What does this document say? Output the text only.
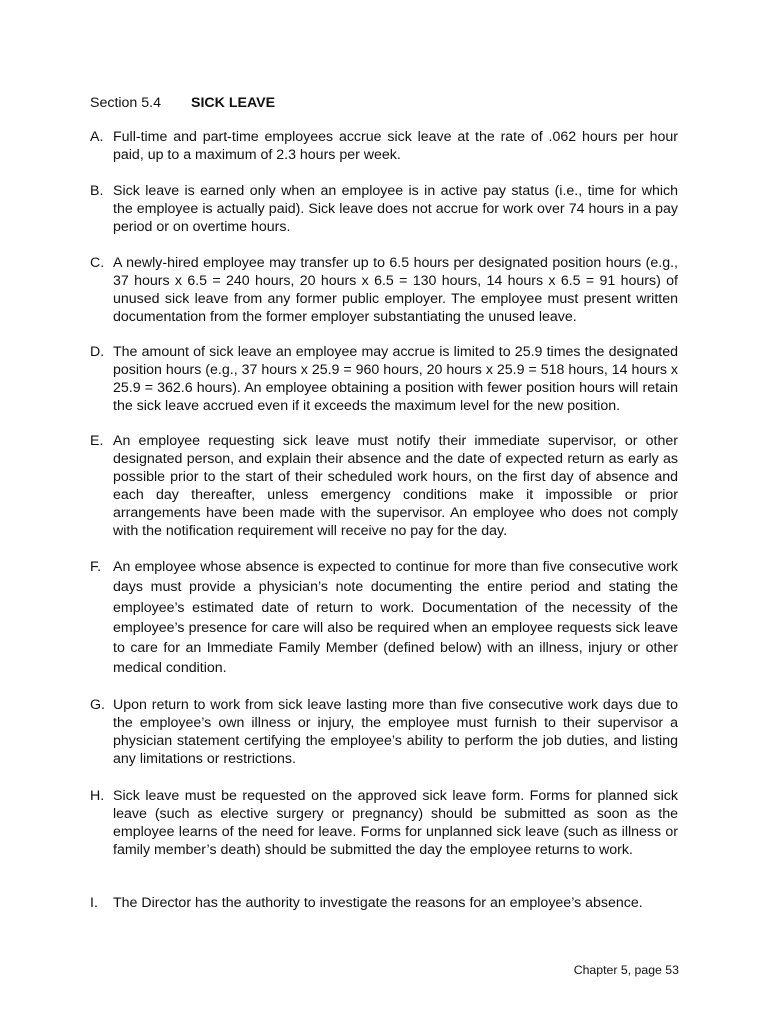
Section 5.4 SICK LEAVE
A. Full-time and part-time employees accrue sick leave at the rate of .062 hours per hour paid, up to a maximum of 2.3 hours per week.
B. Sick leave is earned only when an employee is in active pay status (i.e., time for which the employee is actually paid). Sick leave does not accrue for work over 74 hours in a pay period or on overtime hours.
C. A newly-hired employee may transfer up to 6.5 hours per designated position hours (e.g., 37 hours x 6.5 = 240 hours, 20 hours x 6.5 = 130 hours, 14 hours x 6.5 = 91 hours) of unused sick leave from any former public employer. The employee must present written documentation from the former employer substantiating the unused leave.
D. The amount of sick leave an employee may accrue is limited to 25.9 times the designated position hours (e.g., 37 hours x 25.9 = 960 hours, 20 hours x 25.9 = 518 hours, 14 hours x 25.9 = 362.6 hours). An employee obtaining a position with fewer position hours will retain the sick leave accrued even if it exceeds the maximum level for the new position.
E. An employee requesting sick leave must notify their immediate supervisor, or other designated person, and explain their absence and the date of expected return as early as possible prior to the start of their scheduled work hours, on the first day of absence and each day thereafter, unless emergency conditions make it impossible or prior arrangements have been made with the supervisor. An employee who does not comply with the notification requirement will receive no pay for the day.
F. An employee whose absence is expected to continue for more than five consecutive work days must provide a physician’s note documenting the entire period and stating the employee’s estimated date of return to work. Documentation of the necessity of the employee’s presence for care will also be required when an employee requests sick leave to care for an Immediate Family Member (defined below) with an illness, injury or other medical condition.
G. Upon return to work from sick leave lasting more than five consecutive work days due to the employee’s own illness or injury, the employee must furnish to their supervisor a physician statement certifying the employee’s ability to perform the job duties, and listing any limitations or restrictions.
H. Sick leave must be requested on the approved sick leave form. Forms for planned sick leave (such as elective surgery or pregnancy) should be submitted as soon as the employee learns of the need for leave. Forms for unplanned sick leave (such as illness or family member’s death) should be submitted the day the employee returns to work.
I. The Director has the authority to investigate the reasons for an employee’s absence.
Chapter 5, page 53
